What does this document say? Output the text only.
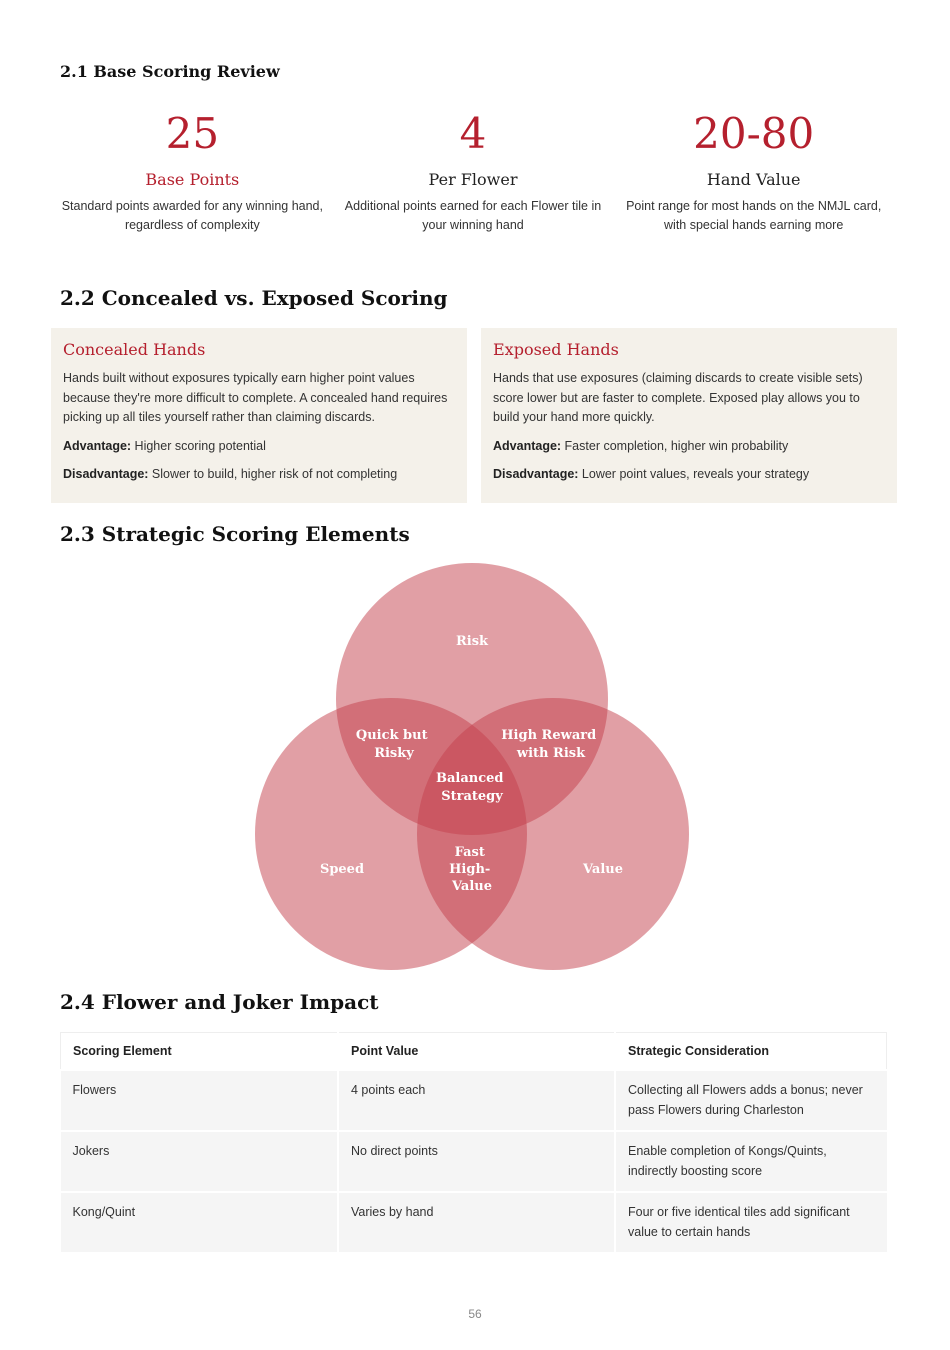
2.1 Base Scoring Review
25
Base Points
Standard points awarded for any winning hand, regardless of complexity
4
Per Flower
Additional points earned for each Flower tile in your winning hand
20-80
Hand Value
Point range for most hands on the NMJL card, with special hands earning more
2.2 Concealed vs. Exposed Scoring
Concealed Hands

Hands built without exposures typically earn higher point values because they're more difficult to complete. A concealed hand requires picking up all tiles yourself rather than claiming discards.

Advantage: Higher scoring potential

Disadvantage: Slower to build, higher risk of not completing

Exposed Hands

Hands that use exposures (claiming discards to create visible sets) score lower but are faster to complete. Exposed play allows you to build your hand more quickly.

Advantage: Faster completion, higher win probability

Disadvantage: Lower point values, reveals your strategy

2.3 Strategic Scoring Elements
Risk
Speed	Value
Quick but Risky
High Reward with Risk
Balanced Strategy
Fast High- Value
2.4 Flower and Joker Impact
Scoring Element	Point Value	Strategic Consideration
Flowers	4 points each	Collecting all Flowers adds a bonus; never pass Flowers during Charleston
Jokers	No direct points	Enable completion of Kongs/Quints, indirectly boosting score
Kong/Quint	Varies by hand	Four or five identical tiles add significant value to certain hands
56
